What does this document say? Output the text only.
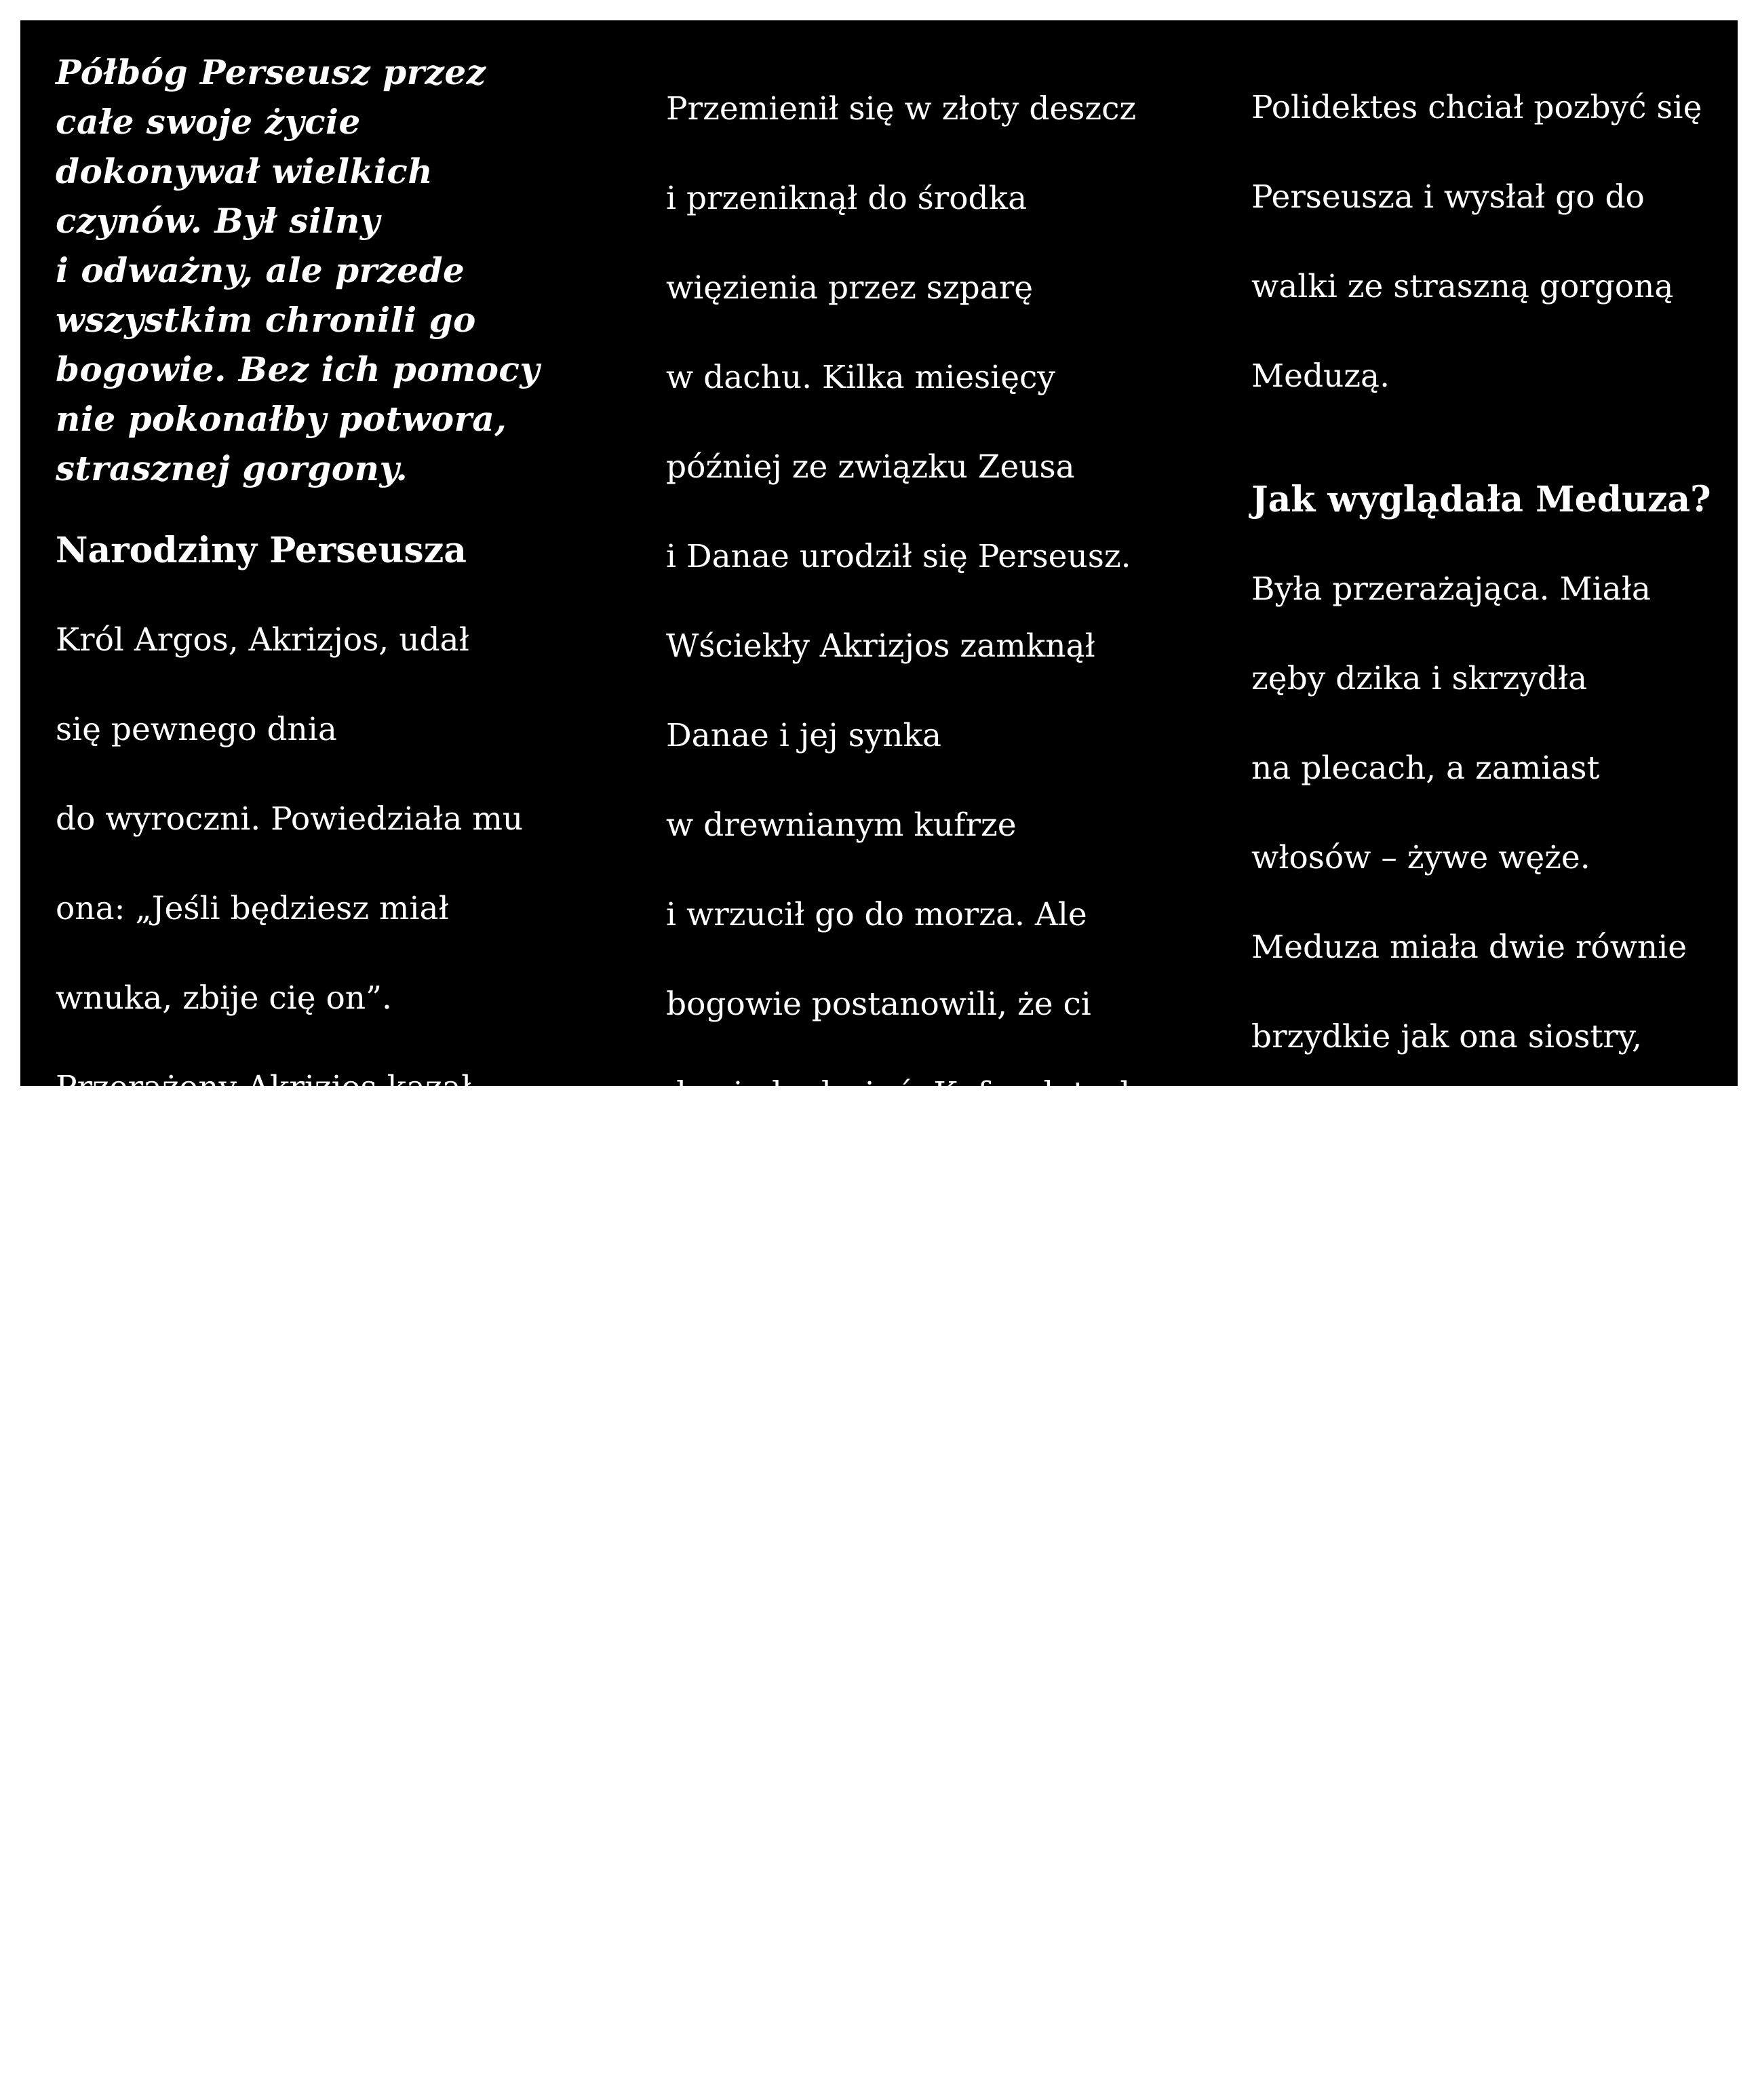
Półbóg Perseusz przez
całe swoje życie
dokonywał wielkich
czynów. Był silny
i odważny, ale przede
wszystkim chronili go
bogowie. Bez ich pomocy
nie pokonałby potwora,
strasznej gorgony.
Narodziny Perseusza

Król Argos, Akrizjos, udał

się pewnego dnia

do wyroczni. Powiedziała mu

ona: „Jeśli będziesz miał

wnuka, zbije cię on”.

Przerażony Akrizjos kazał

wybudować podziemne

więzienie i zamknął w nim

swoją jedyną córkę Danae.

Zeus dostrzegł z Olimpu

niezwykłą urodę Danae.

Przemienił się w złoty deszcz

i przeniknął do środka

więzienia przez szparę

w dachu. Kilka miesięcy

później ze związku Zeusa

i Danae urodził się Perseusz.

Wściekły Akrizjos zamknął

Danae i jej synka

w drewnianym kufrze

i wrzucił go do morza. Ale

bogowie postanowili, że ci

dwoje będą żyć. Kufer dotarł

do brzegów wyspy Serifos.

Matka i jej dziecko zostali

przyjęci przez króla tej ziemi

Polidektesa.

Porywczy król

Polidektes zakochał się

w pięknej Danae. Lecz ona

odrzucała jego zaloty,

a Perseusz, stawszy się

młodzieńcem, ochraniał ją.

Polidektes chciał pozbyć się

Perseusza i wysłał go do

walki ze straszną gorgoną

Meduzą.

Jak wyglądała Meduza?

Była przerażająca. Miała

zęby dzika i skrzydła

na plecach, a zamiast

włosów – żywe węże.

Meduza miała dwie równie

brzydkie jak ona siostry,

które były nieśmiertelne.

Wszystkie trzy nazywano

gorgonami. Ktokolwiek

spojrzał im w oczy, zamienia

się w kamień.

Zabicie Meduzy

Bogowie dali Perseuszowi

skrzydlate sandały, Hades –

hełm czyniący go

niewidzialnym, a Atena –
